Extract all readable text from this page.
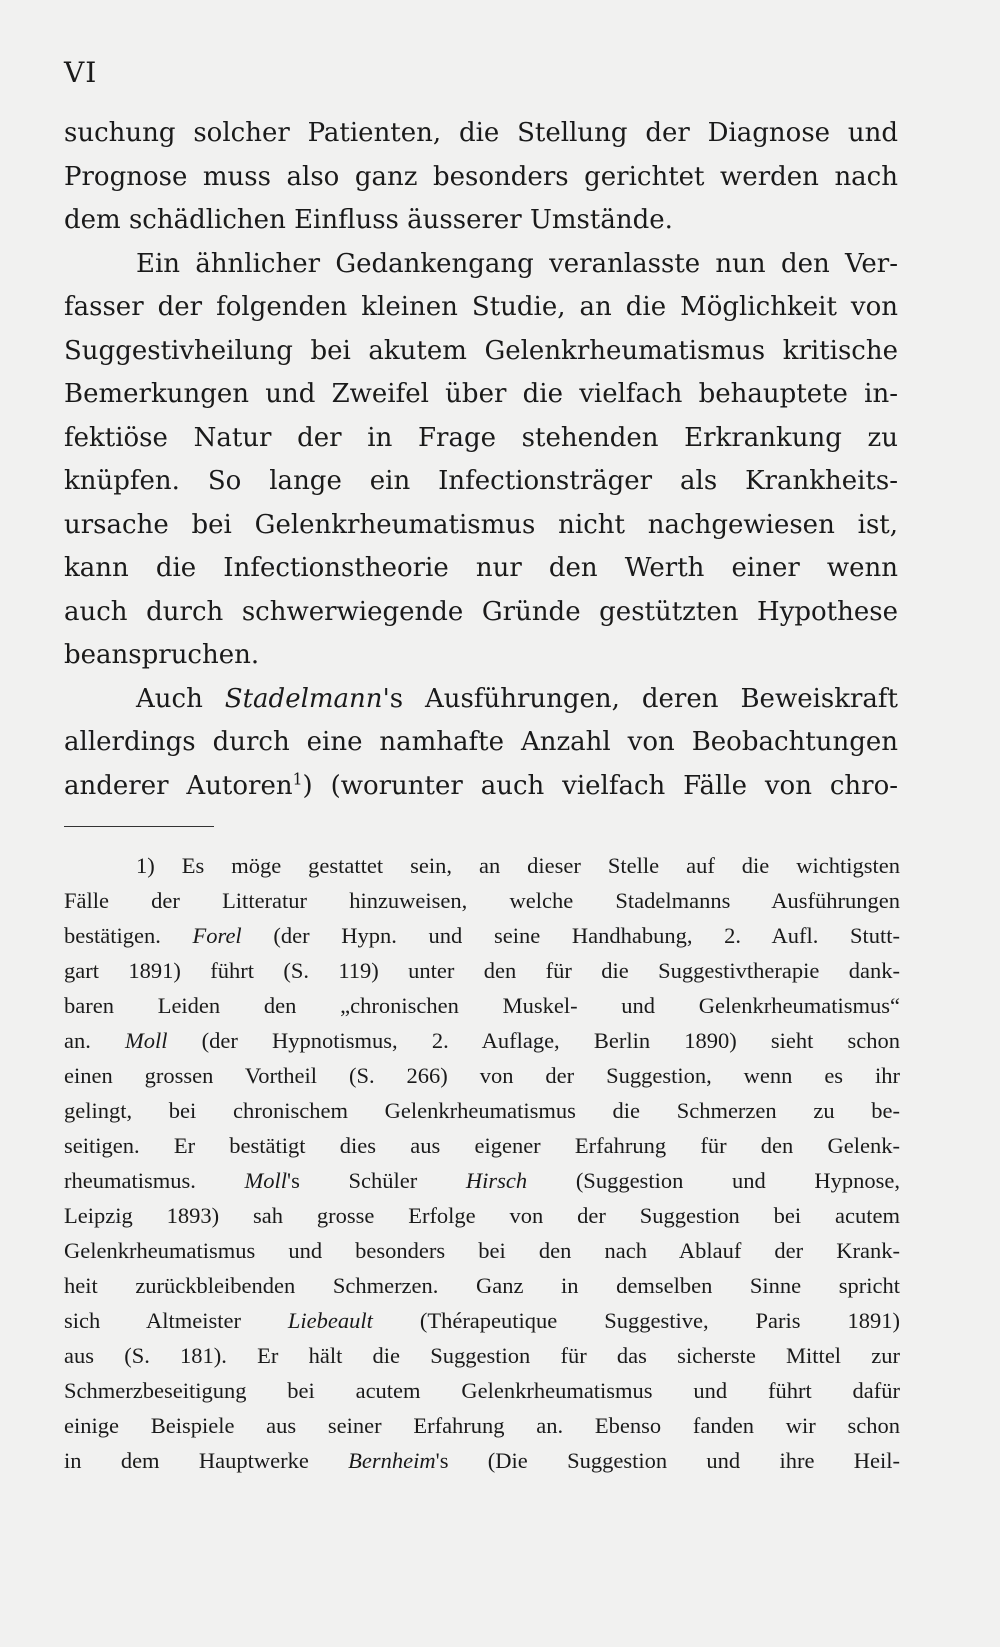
VI
suchung solcher Patienten, die Stellung der Diagnose und
Prognose muss also ganz besonders gerichtet werden nach
dem schädlichen Einfluss äusserer Umstände.
Ein ähnlicher Gedankengang veranlasste nun den Ver-
fasser der folgenden kleinen Studie, an die Möglichkeit von
Suggestivheilung bei akutem Gelenkrheumatismus kritische
Bemerkungen und Zweifel über die vielfach behauptete in-
fektiöse Natur der in Frage stehenden Erkrankung zu
knüpfen. So lange ein Infectionsträger als Krankheits-
ursache bei Gelenkrheumatismus nicht nachgewiesen ist,
kann die Infectionstheorie nur den Werth einer wenn
auch durch schwerwiegende Gründe gestützten Hypothese
beanspruchen.
Auch Stadelmann's Ausführungen, deren Beweiskraft
allerdings durch eine namhafte Anzahl von Beobachtungen
anderer Autoren$^1$) (worunter auch vielfach Fälle von chro-
1) Es möge gestattet sein, an dieser Stelle auf die wichtigsten
Fälle der Litteratur hinzuweisen, welche Stadelmanns Ausführungen
bestätigen. Forel (der Hypn. und seine Handhabung, 2. Aufl. Stutt-
gart 1891) führt (S. 119) unter den für die Suggestivtherapie dank-
baren Leiden den „chronischen Muskel- und Gelenkrheumatismus“
an. Moll (der Hypnotismus, 2. Auflage, Berlin 1890) sieht schon
einen grossen Vortheil (S. 266) von der Suggestion, wenn es ihr
gelingt, bei chronischem Gelenkrheumatismus die Schmerzen zu be-
seitigen. Er bestätigt dies aus eigener Erfahrung für den Gelenk-
rheumatismus. Moll's Schüler Hirsch (Suggestion und Hypnose,
Leipzig 1893) sah grosse Erfolge von der Suggestion bei acutem
Gelenkrheumatismus und besonders bei den nach Ablauf der Krank-
heit zurückbleibenden Schmerzen. Ganz in demselben Sinne spricht
sich Altmeister Liebeault (Thérapeutique Suggestive, Paris 1891)
aus (S. 181). Er hält die Suggestion für das sicherste Mittel zur
Schmerzbeseitigung bei acutem Gelenkrheumatismus und führt dafür
einige Beispiele aus seiner Erfahrung an. Ebenso fanden wir schon
in dem Hauptwerke Bernheim's (Die Suggestion und ihre Heil-
